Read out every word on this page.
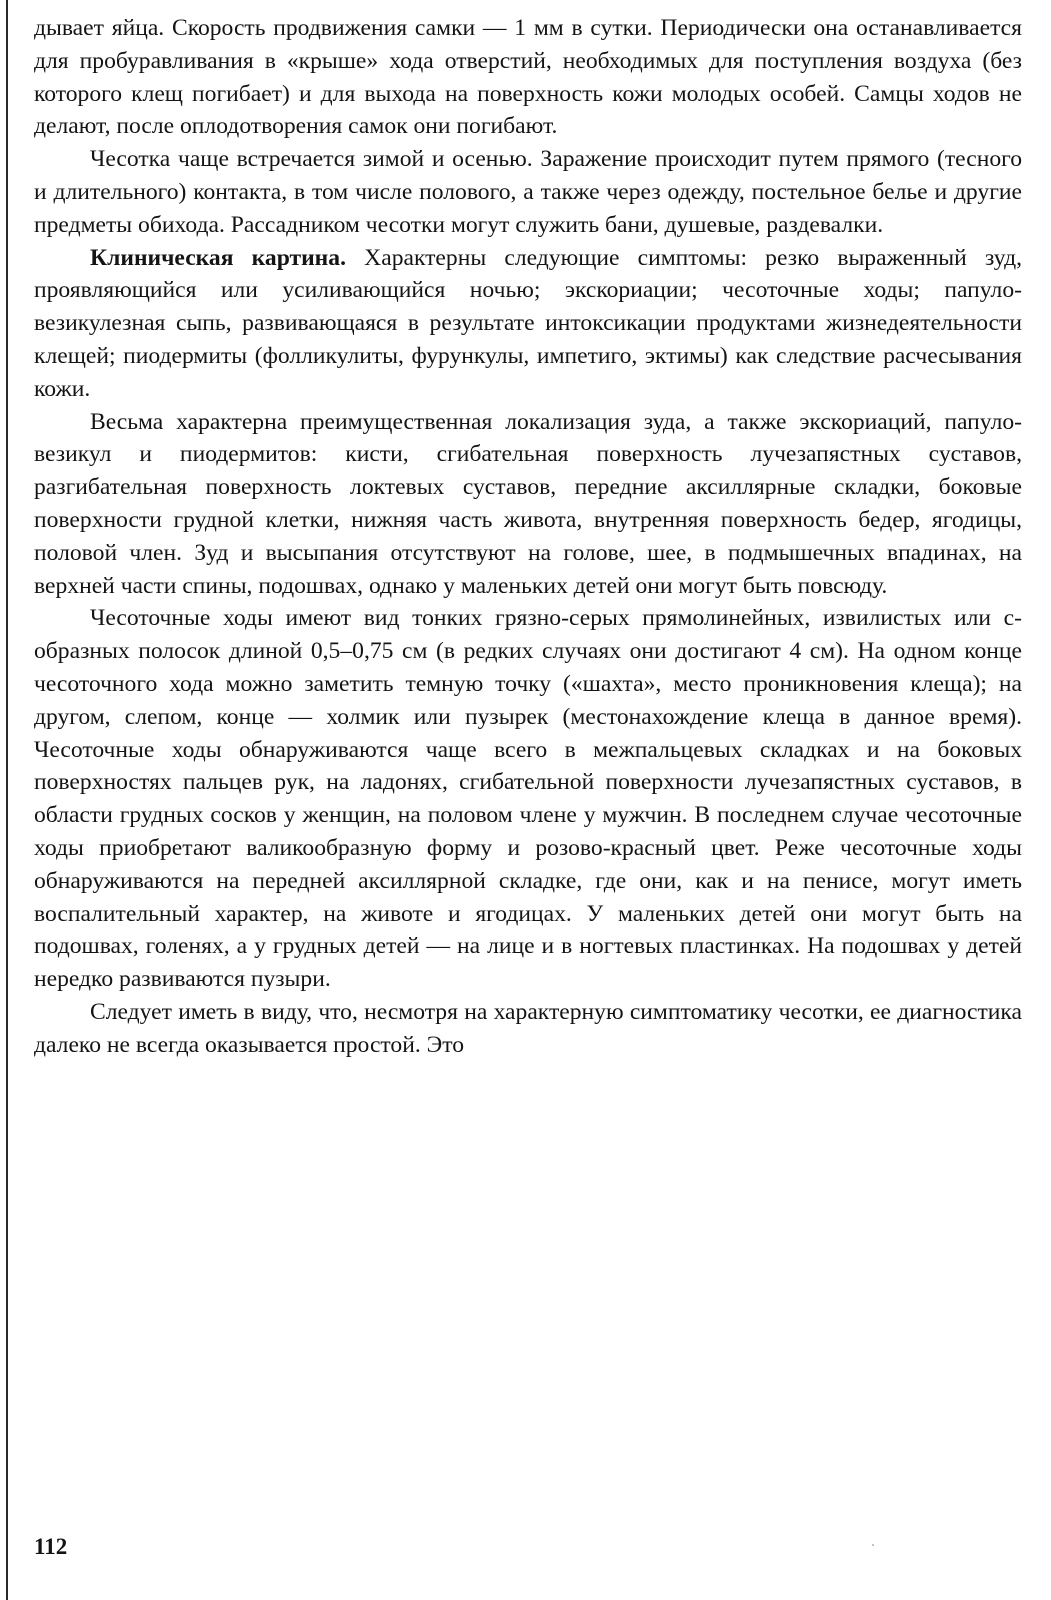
дывает яйца. Скорость продвижения самки — 1 мм в сутки. Периодически она останавливается для пробуравливания в «крыше» хода отверстий, необходимых для поступления воздуха (без которого клещ погибает) и для выхода на поверхность кожи молодых особей. Самцы ходов не делают, после оплодотворения самок они погибают.

Чесотка чаще встречается зимой и осенью. Заражение происходит путем прямого (тесного и длительного) контакта, в том числе полового, а также через одежду, постельное белье и другие предметы обихода. Рассадником чесотки могут служить бани, душевые, раздевалки.

Клиническая картина. Характерны следующие симптомы: резко выраженный зуд, проявляющийся или усиливающийся ночью; экскориации; чесоточные ходы; папуло-везикулезная сыпь, развивающаяся в результате интоксикации продуктами жизнедеятельности клещей; пиодермиты (фолликулиты, фурункулы, импетиго, эктимы) как следствие расчесывания кожи.

Весьма характерна преимущественная локализация зуда, а также экскориаций, папуло-везикул и пиодермитов: кисти, сгибательная поверхность лучезапястных суставов, разгибательная поверхность локтевых суставов, передние аксиллярные складки, боковые поверхности грудной клетки, нижняя часть живота, внутренняя поверхность бедер, ягодицы, половой член. Зуд и высыпания отсутствуют на голове, шее, в подмышечных впадинах, на верхней части спины, подошвах, однако у маленьких детей они могут быть повсюду.

Чесоточные ходы имеют вид тонких грязно-серых прямолинейных, извилистых или с-образных полосок длиной 0,5–0,75 см (в редких случаях они достигают 4 см). На одном конце чесоточного хода можно заметить темную точку («шахта», место проникновения клеща); на другом, слепом, конце — холмик или пузырек (местонахождение клеща в данное время). Чесоточные ходы обнаруживаются чаще всего в межпальцевых складках и на боковых поверхностях пальцев рук, на ладонях, сгибательной поверхности лучезапястных суставов, в области грудных сосков у женщин, на половом члене у мужчин. В последнем случае чесоточные ходы приобретают валикообразную форму и розово-красный цвет. Реже чесоточные ходы обнаруживаются на передней аксиллярной складке, где они, как и на пенисе, могут иметь воспалительный характер, на животе и ягодицах. У маленьких детей они могут быть на подошвах, голенях, а у грудных детей — на лице и в ногтевых пластинках. На подошвах у детей нередко развиваются пузыри.

Следует иметь в виду, что, несмотря на характерную симптоматику чесотки, ее диагностика далеко не всегда оказывается простой. Это

112
